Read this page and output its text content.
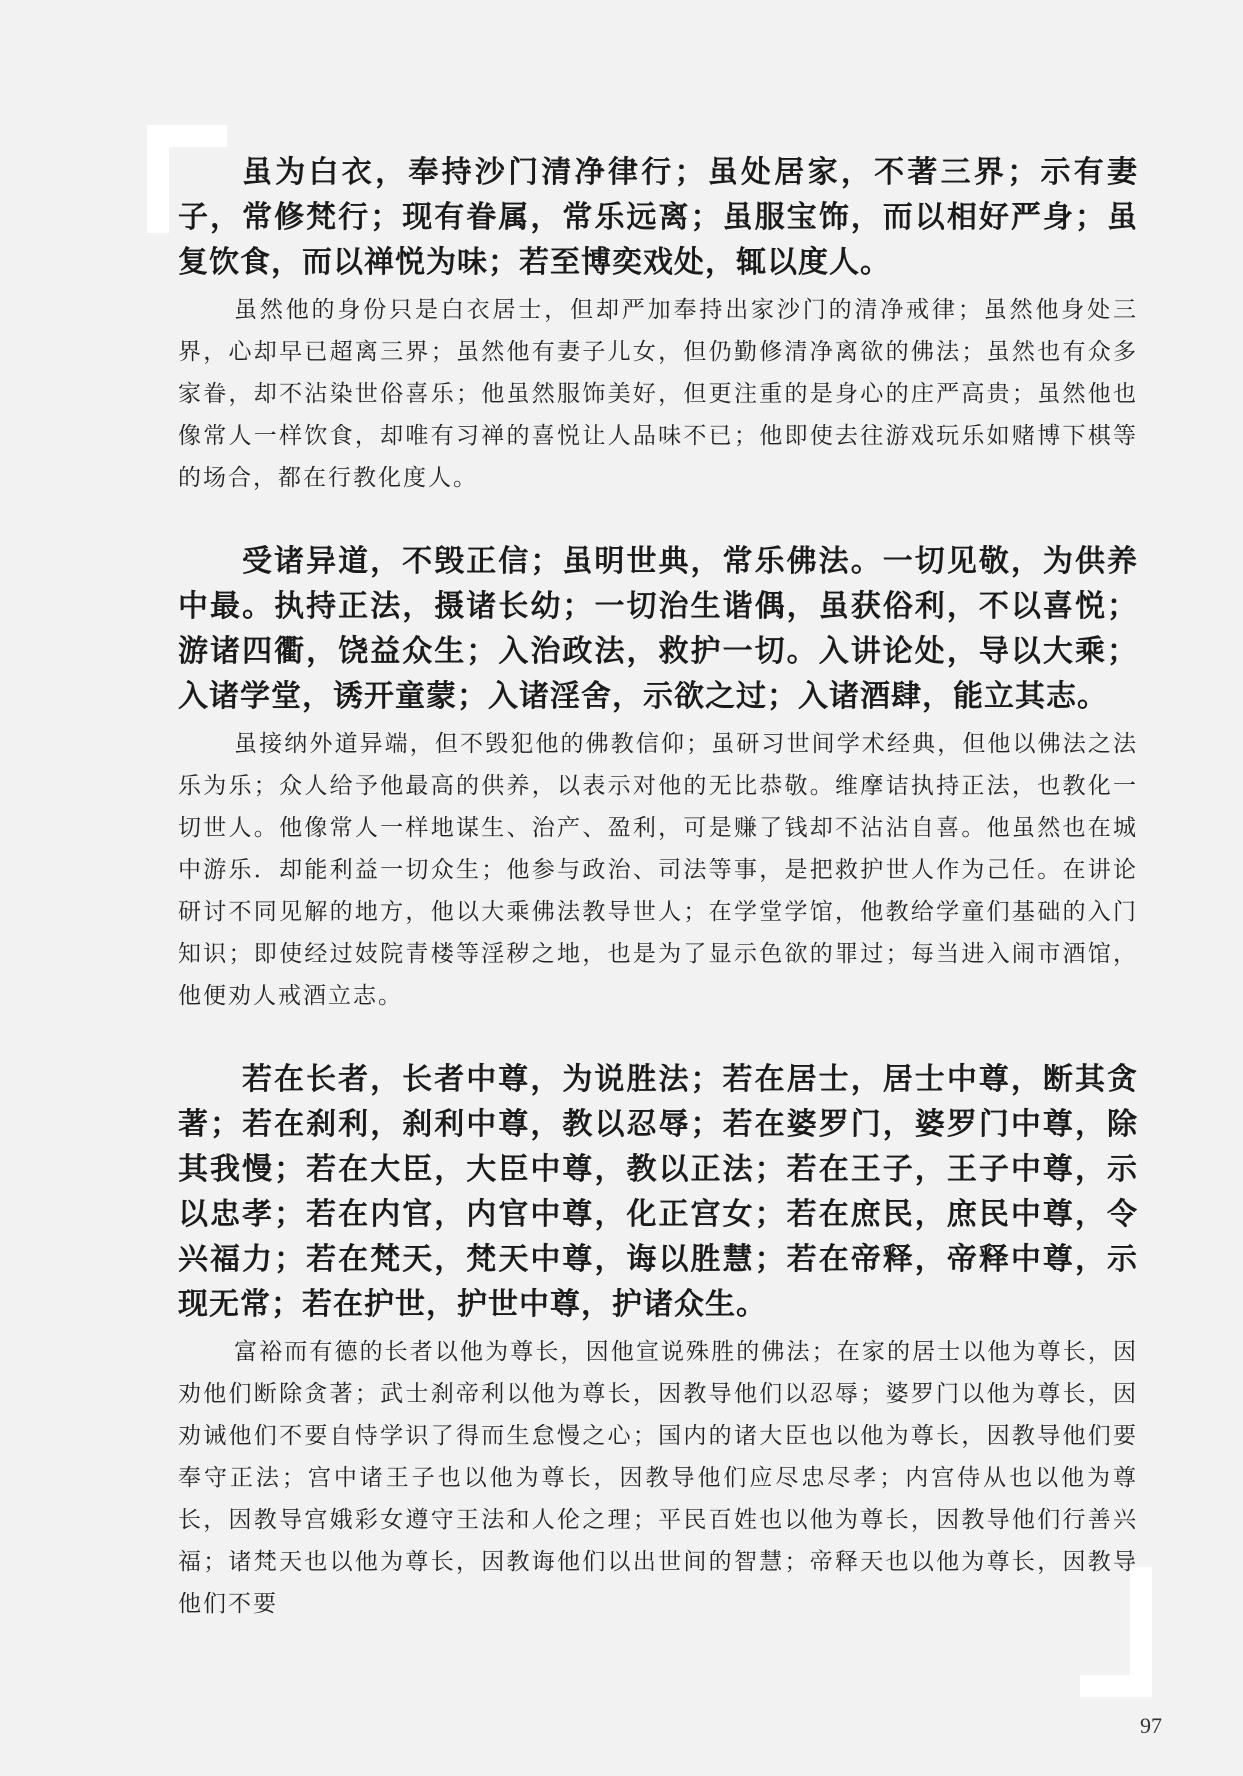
虽为白衣，奉持沙门清净律行；虽处居家，不著三界；示有妻子，常修梵行；现有眷属，常乐远离；虽服宝饰，而以相好严身；虽复饮食，而以禅悦为味；若至博奕戏处，辄以度人。

虽然他的身份只是白衣居士，但却严加奉持出家沙门的清净戒律；虽然他身处三界，心却早已超离三界；虽然他有妻子儿女，但仍勤修清净离欲的佛法；虽然也有众多家眷，却不沾染世俗喜乐；他虽然服饰美好，但更注重的是身心的庄严高贵；虽然他也像常人一样饮食，却唯有习禅的喜悦让人品味不已；他即使去往游戏玩乐如赌博下棋等的场合，都在行教化度人。

受诸异道，不毁正信；虽明世典，常乐佛法。一切见敬，为供养中最。执持正法，摄诸长幼；一切治生谐偶，虽获俗利，不以喜悦；游诸四衢，饶益众生；入治政法，救护一切。入讲论处，导以大乘；入诸学堂，诱开童蒙；入诸淫舍，示欲之过；入诸酒肆，能立其志。

虽接纳外道异端，但不毁犯他的佛教信仰；虽研习世间学术经典，但他以佛法之法乐为乐；众人给予他最高的供养，以表示对他的无比恭敬。维摩诘执持正法，也教化一切世人。他像常人一样地谋生、治产、盈利，可是赚了钱却不沾沾自喜。他虽然也在城中游乐．却能利益一切众生；他参与政治、司法等事，是把救护世人作为己任。在讲论研讨不同见解的地方，他以大乘佛法教导世人；在学堂学馆，他教给学童们基础的入门知识；即使经过妓院青楼等淫秽之地，也是为了显示色欲的罪过；每当进入闹市酒馆，他便劝人戒酒立志。

若在长者，长者中尊，为说胜法；若在居士，居士中尊，断其贪著；若在刹利，刹利中尊，教以忍辱；若在婆罗门，婆罗门中尊，除其我慢；若在大臣，大臣中尊，教以正法；若在王子，王子中尊，示以忠孝；若在内官，内官中尊，化正宫女；若在庶民，庶民中尊，令兴福力；若在梵天，梵天中尊，诲以胜慧；若在帝释，帝释中尊，示现无常；若在护世，护世中尊，护诸众生。

富裕而有德的长者以他为尊长，因他宣说殊胜的佛法；在家的居士以他为尊长，因劝他们断除贪著；武士刹帝利以他为尊长，因教导他们以忍辱；婆罗门以他为尊长，因劝诫他们不要自恃学识了得而生怠慢之心；国内的诸大臣也以他为尊长，因教导他们要奉守正法；宫中诸王子也以他为尊长，因教导他们应尽忠尽孝；内宫侍从也以他为尊长，因教导宫娥彩女遵守王法和人伦之理；平民百姓也以他为尊长，因教导他们行善兴福；诸梵天也以他为尊长，因教诲他们以出世间的智慧；帝释天也以他为尊长，因教导他们不要

97
